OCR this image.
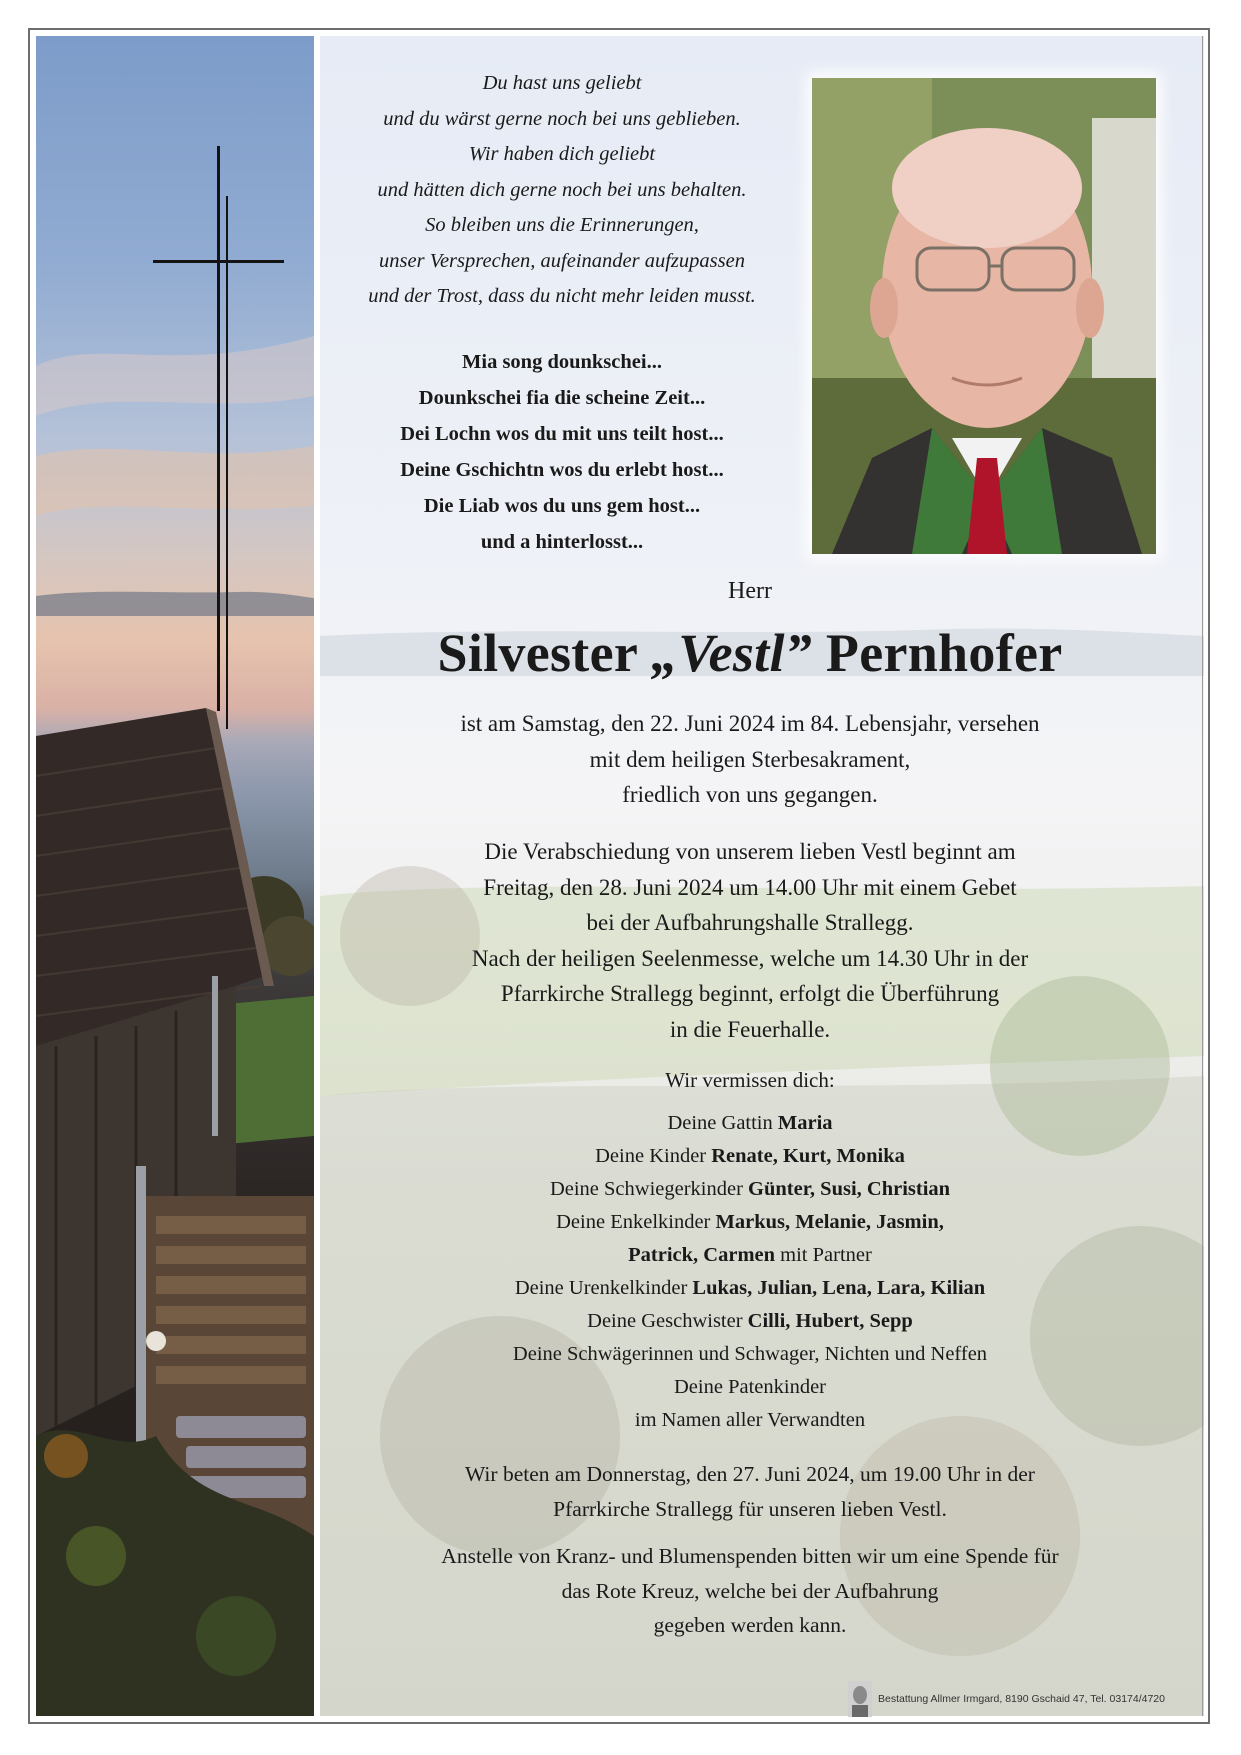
Du hast uns geliebt
und du wärst gerne noch bei uns geblieben.
Wir haben dich geliebt
und hätten dich gerne noch bei uns behalten.
So bleiben uns die Erinnerungen,
unser Versprechen, aufeinander aufzupassen
und der Trost, dass du nicht mehr leiden musst.
Mia song dounkschei...
Dounkschei fia die scheine Zeit...
Dei Lochn wos du mit uns teilt host...
Deine Gschichtn wos du erlebt host...
Die Liab wos du uns gem host...
und a hinterlosst...
Herr
Silvester „Vestl” Pernhofer
ist am Samstag, den 22. Juni 2024 im 84. Lebensjahr, versehen
mit dem heiligen Sterbesakrament,
friedlich von uns gegangen.
Die Verabschiedung von unserem lieben Vestl beginnt am
Freitag, den 28. Juni 2024 um 14.00 Uhr mit einem Gebet
bei der Aufbahrungshalle Strallegg.
Nach der heiligen Seelenmesse, welche um 14.30 Uhr in der
Pfarrkirche Strallegg beginnt, erfolgt die Überführung
in die Feuerhalle.
Wir vermissen dich:
Deine Gattin Maria
Deine Kinder Renate, Kurt, Monika
Deine Schwiegerkinder Günter, Susi, Christian
Deine Enkelkinder Markus, Melanie, Jasmin,
Patrick, Carmen mit Partner
Deine Urenkelkinder Lukas, Julian, Lena, Lara, Kilian
Deine Geschwister Cilli, Hubert, Sepp
Deine Schwägerinnen und Schwager, Nichten und Neffen
Deine Patenkinder
im Namen aller Verwandten
Wir beten am Donnerstag, den 27. Juni 2024, um 19.00 Uhr in der
Pfarrkirche Strallegg für unseren lieben Vestl.
Anstelle von Kranz- und Blumenspenden bitten wir um eine Spende für
das Rote Kreuz, welche bei der Aufbahrung
gegeben werden kann.
Bestattung Allmer Irmgard, 8190 Gschaid 47, Tel. 03174/4720
